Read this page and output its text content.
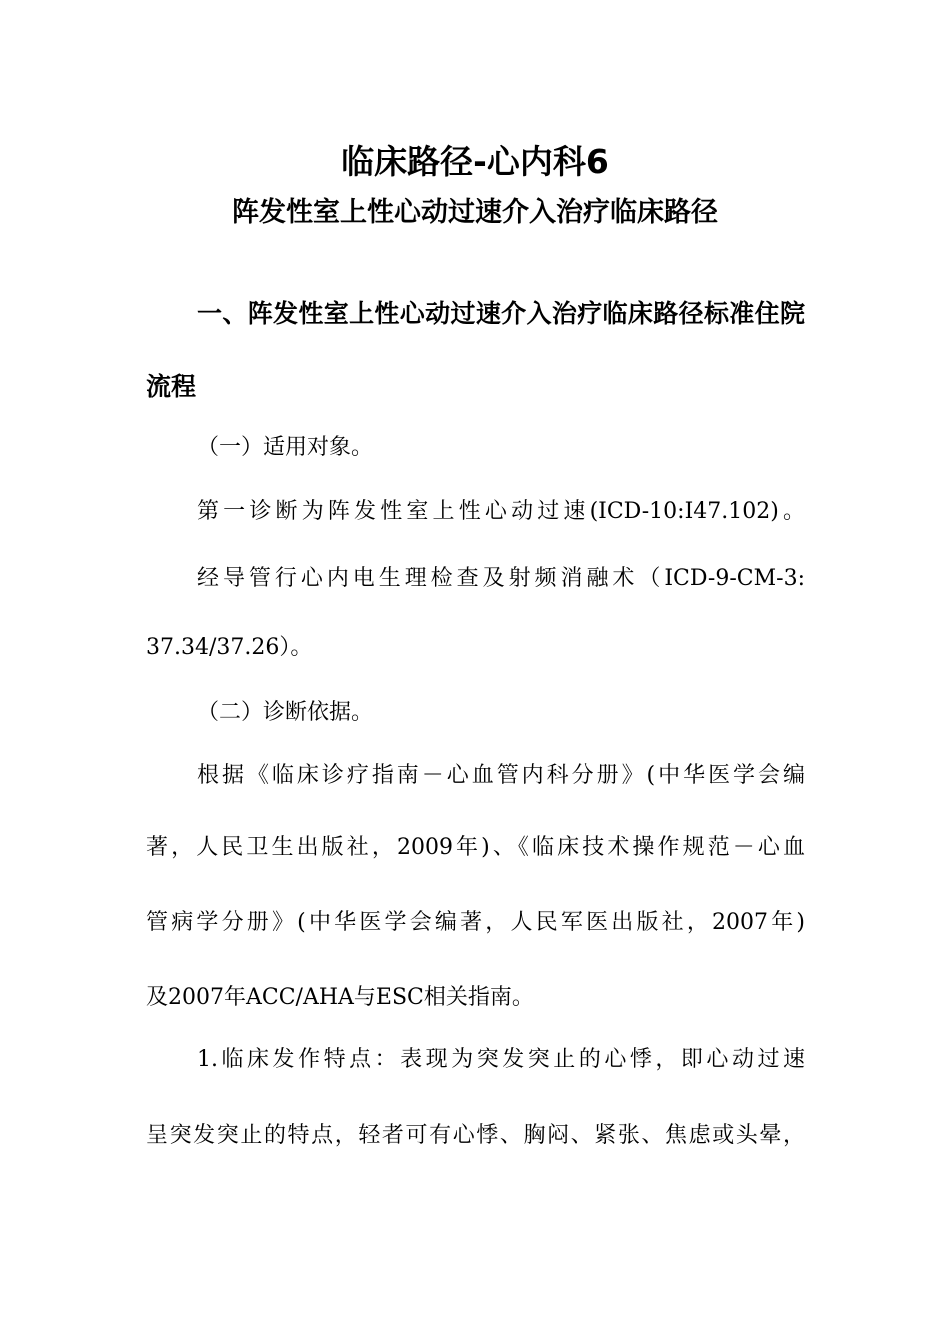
临床路径-心内科6
阵发性室上性心动过速介入治疗临床路径
一、阵发性室上性心动过速介入治疗临床路径标准住院
流程
（一）适用对象。
第一诊断为阵发性室上性心动过速(ICD-10:I47.102)。
经导管行心内电生理检查及射频消融术（ICD-9-CM-3:
37.34/37.26）。
（二）诊断依据。
根据《临床诊疗指南－心血管内科分册》(中华医学会编
著，人民卫生出版社，2009年)、《临床技术操作规范－心血
管病学分册》(中华医学会编著，人民军医出版社，2007年)
及2007年ACC/AHA与ESC相关指南。
1.临床发作特点：表现为突发突止的心悸，即心动过速
呈突发突止的特点，轻者可有心悸、胸闷、紧张、焦虑或头晕，
